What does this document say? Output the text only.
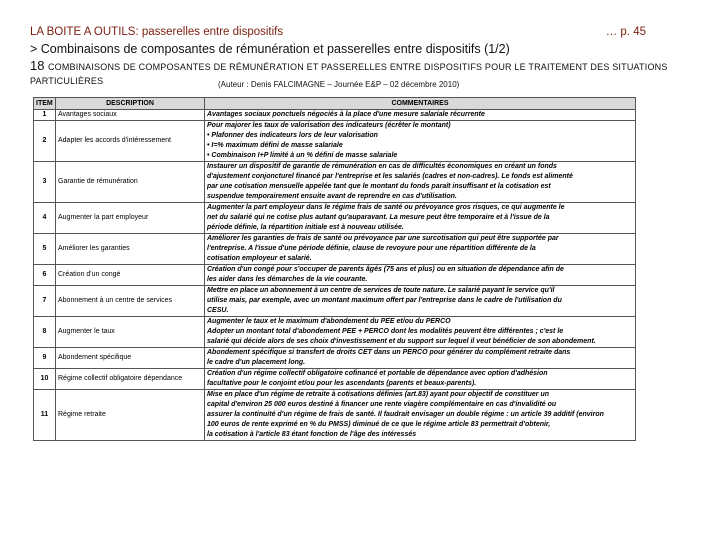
LA BOITE A OUTILS: passerelles entre dispositifs	… p. 45
> Combinaisons de composantes de rémunération et passerelles entre dispositifs (1/2)
18 COMBINAISONS DE COMPOSANTES DE RÉMUNÉRATION ET PASSERELLES ENTRE DISPOSITIFS POUR LE TRAITEMENT DES SITUATIONS PARTICULIÈRES	(Auteur : Denis FALCIMAGNE – Journée E&P – 02 décembre 2010)
ITEM	DESCRIPTION	COMMENTAIRES
1	Avantages sociaux	Avantages sociaux ponctuels négociés à la place d'une mesure salariale récurrente

2	Adapter les accords d'intéressement	Pour majorer les taux de valorisation des indicateurs (écrêter le montant)
• Plafonner des indicateurs lors de leur valorisation
• I=% maximum défini de masse salariale
• Combinaison I+P limité à un % défini de masse salariale

3	Garantie de rémunération	Instaurer un dispositif de garantie de rémunération en cas de difficultés économiques en créant un fonds
d'ajustement conjoncturel financé par l'entreprise et les salariés (cadres et non-cadres). Le fonds est alimenté
par une cotisation mensuelle appelée tant que le montant du fonds paraît insuffisant et la cotisation est
suspendue temporairement ensuite avant de reprendre en cas d'utilisation.

4	Augmenter la part employeur	Augmenter la part employeur dans le régime frais de santé ou prévoyance gros risques, ce qui augmente le
net du salarié qui ne cotise plus autant qu'auparavant. La mesure peut être temporaire et à l'issue de la
période définie, la répartition initiale est à nouveau utilisée.

5	Améliorer les garanties	Améliorer les garanties de frais de santé ou prévoyance par une surcotisation qui peut être supportée par
l'entreprise. A l'issue d'une période définie, clause de revoyure pour une répartition différente de la
cotisation employeur et salarié.

6	Création d'un congé	Création d'un congé pour s'occuper de parents âgés (75 ans et plus) ou en situation de dépendance afin de
les aider dans les démarches de la vie courante.

7	Abonnement à un centre de services	Mettre en place un abonnement à un centre de services de toute nature. Le salarié payant le service qu'il
utilise mais, par exemple, avec un montant maximum offert par l'entreprise dans le cadre de l'utilisation du
CESU.

8	Augmenter le taux	Augmenter le taux et le maximum d'abondement du PEE et/ou du PERCO
Adopter un montant total d'abondement PEE + PERCO dont les modalités peuvent être différentes ; c'est le
salarié qui décide alors de ses choix d'investissement et du support sur lequel il veut bénéficier de son abondement.

9	Abondement spécifique	Abondement spécifique si transfert de droits CET dans un PERCO pour générer du complément retraite dans
le cadre d'un placement long.

10	Régime collectif obligatoire dépendance	Création d'un régime collectif obligatoire cofinancé et portable de dépendance avec option d'adhésion
facultative pour le conjoint et/ou pour les ascendants (parents et beaux-parents).

11	Régime retraite	Mise en place d'un régime de retraite à cotisations définies (art.83) ayant pour objectif de constituer un
capital d'environ 25 000 euros destiné à financer une rente viagère complémentaire en cas d'invalidité ou
assurer la continuité d'un régime de frais de santé. Il faudrait envisager un double régime : un article 39 additif (environ
100 euros de rente exprimé en % du PMSS) diminué de ce que le régime article 83 permettrait d'obtenir,
la cotisation à l'article 83 étant fonction de l'âge des intéressés
